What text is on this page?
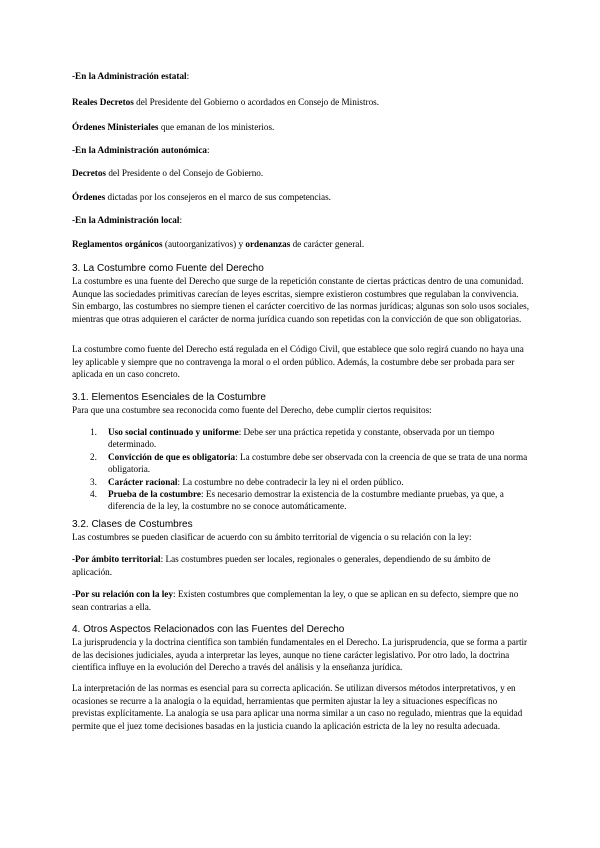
-En la Administración estatal:
Reales Decretos del Presidente del Gobierno o acordados en Consejo de Ministros.
Órdenes Ministeriales que emanan de los ministerios.
-En la Administración autonómica:
Decretos del Presidente o del Consejo de Gobierno.
Órdenes dictadas por los consejeros en el marco de sus competencias.
-En la Administración local:
Reglamentos orgánicos (autoorganizativos) y ordenanzas de carácter general.
3. La Costumbre como Fuente del Derecho
La costumbre es una fuente del Derecho que surge de la repetición constante de ciertas prácticas dentro de una comunidad. Aunque las sociedades primitivas carecían de leyes escritas, siempre existieron costumbres que regulaban la convivencia. Sin embargo, las costumbres no siempre tienen el carácter coercitivo de las normas jurídicas; algunas son solo usos sociales, mientras que otras adquieren el carácter de norma jurídica cuando son repetidas con la convicción de que son obligatorias.
La costumbre como fuente del Derecho está regulada en el Código Civil, que establece que solo regirá cuando no haya una ley aplicable y siempre que no contravenga la moral o el orden público. Además, la costumbre debe ser probada para ser aplicada en un caso concreto.
3.1. Elementos Esenciales de la Costumbre
Para que una costumbre sea reconocida como fuente del Derecho, debe cumplir ciertos requisitos:
1. Uso social continuado y uniforme: Debe ser una práctica repetida y constante, observada por un tiempo determinado.
2. Convicción de que es obligatoria: La costumbre debe ser observada con la creencia de que se trata de una norma obligatoria.
3. Carácter racional: La costumbre no debe contradecir la ley ni el orden público.
4. Prueba de la costumbre: Es necesario demostrar la existencia de la costumbre mediante pruebas, ya que, a diferencia de la ley, la costumbre no se conoce automáticamente.
3.2. Clases de Costumbres
Las costumbres se pueden clasificar de acuerdo con su ámbito territorial de vigencia o su relación con la ley:
-Por ámbito territorial: Las costumbres pueden ser locales, regionales o generales, dependiendo de su ámbito de aplicación.
-Por su relación con la ley: Existen costumbres que complementan la ley, o que se aplican en su defecto, siempre que no sean contrarias a ella.
4. Otros Aspectos Relacionados con las Fuentes del Derecho
La jurisprudencia y la doctrina científica son también fundamentales en el Derecho. La jurisprudencia, que se forma a partir de las decisiones judiciales, ayuda a interpretar las leyes, aunque no tiene carácter legislativo. Por otro lado, la doctrina científica influye en la evolución del Derecho a través del análisis y la enseñanza jurídica.
La interpretación de las normas es esencial para su correcta aplicación. Se utilizan diversos métodos interpretativos, y en ocasiones se recurre a la analogía o la equidad, herramientas que permiten ajustar la ley a situaciones específicas no previstas explícitamente. La analogía se usa para aplicar una norma similar a un caso no regulado, mientras que la equidad permite que el juez tome decisiones basadas en la justicia cuando la aplicación estricta de la ley no resulta adecuada.
